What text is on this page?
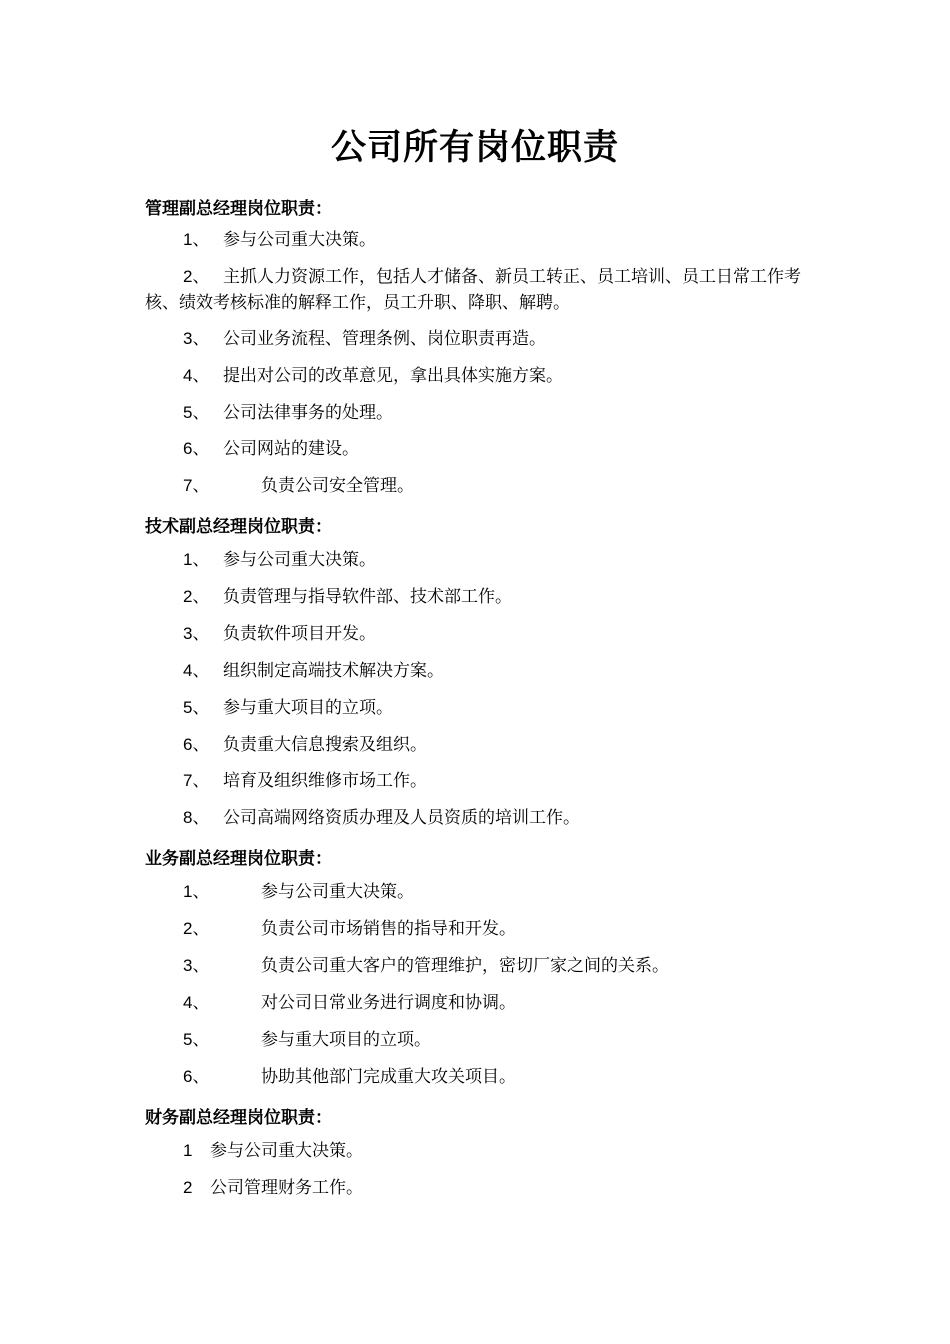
公司所有岗位职责
管理副总经理岗位职责：
1、 参与公司重大决策。
2、 主抓人力资源工作，包括人才储备、新员工转正、员工培训、员工日常工作考核、绩效考核标准的解释工作，员工升职、降职、解聘。
3、 公司业务流程、管理条例、岗位职责再造。
4、 提出对公司的改革意见，拿出具体实施方案。
5、 公司法律事务的处理。
6、 公司网站的建设。
7、	负责公司安全管理。
技术副总经理岗位职责：
1、 参与公司重大决策。
2、 负责管理与指导软件部、技术部工作。
3、 负责软件项目开发。
4、 组织制定高端技术解决方案。
5、 参与重大项目的立项。
6、 负责重大信息搜索及组织。
7、 培育及组织维修市场工作。
8、 公司高端网络资质办理及人员资质的培训工作。
业务副总经理岗位职责：
1、	参与公司重大决策。
2、	负责公司市场销售的指导和开发。
3、	负责公司重大客户的管理维护，密切厂家之间的关系。
4、	对公司日常业务进行调度和协调。
5、	参与重大项目的立项。
6、	协助其他部门完成重大攻关项目。
财务副总经理岗位职责：
1 参与公司重大决策。
2 公司管理财务工作。
